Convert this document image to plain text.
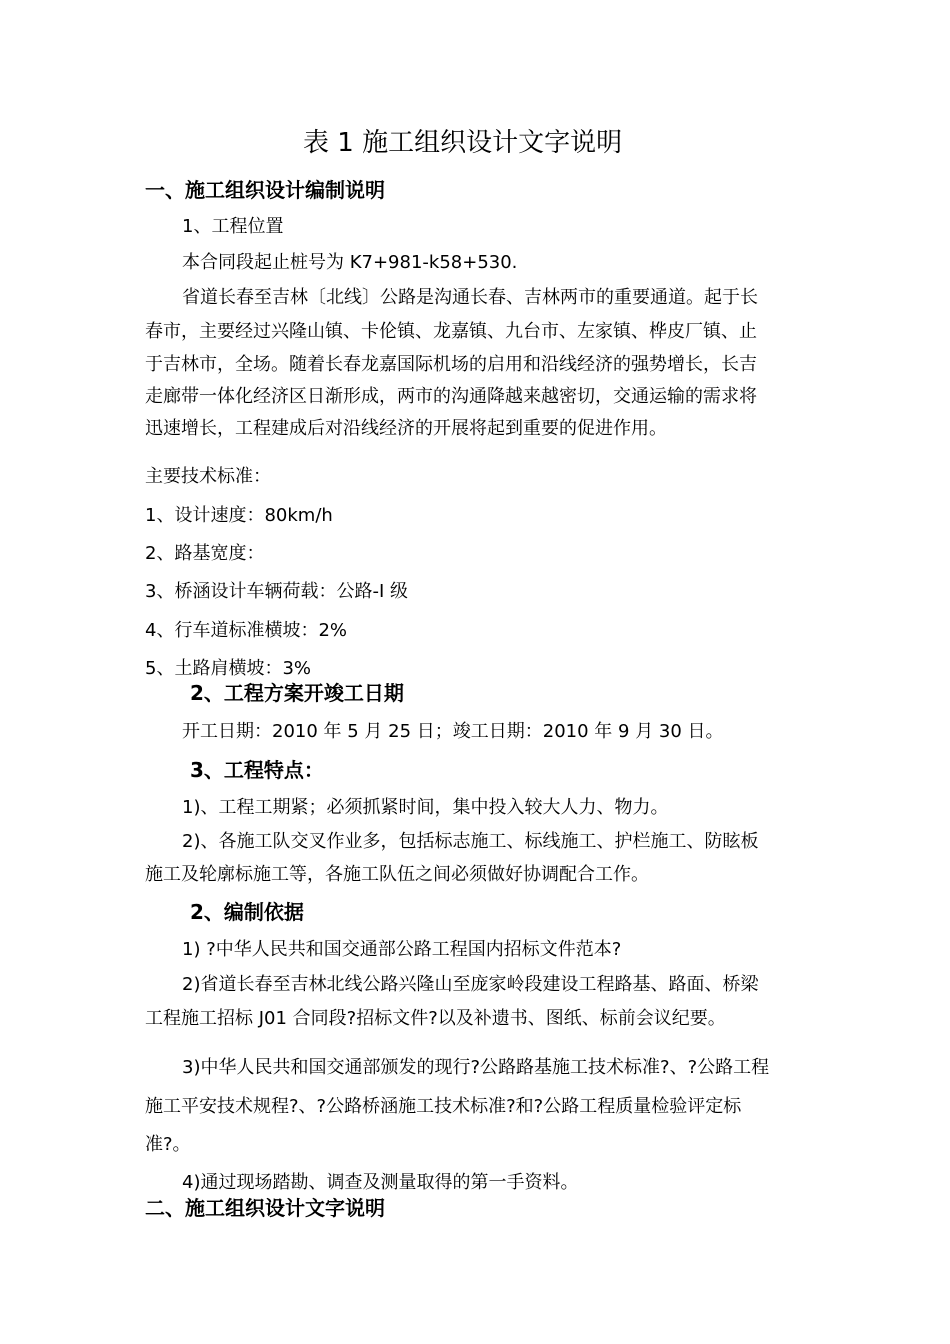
表 1 施工组织设计文字说明
一、施工组织设计编制说明
1、工程位置
本合同段起止桩号为 K7+981-k58+530.
省道长春至吉林〔北线〕公路是沟通长春、吉林两市的重要通道。起于长
春市，主要经过兴隆山镇、卡伦镇、龙嘉镇、九台市、左家镇、桦皮厂镇、止
于吉林市，全场。随着长春龙嘉国际机场的启用和沿线经济的强势增长，长吉
走廊带一体化经济区日渐形成，两市的沟通降越来越密切，交通运输的需求将
迅速增长，工程建成后对沿线经济的开展将起到重要的促进作用。
主要技术标准：
1、设计速度：80km/h
2、路基宽度：
3、桥涵设计车辆荷载：公路-I 级
4、行车道标准横坡：2%
5、土路肩横坡：3%
2、工程方案开竣工日期
开工日期：2010 年 5 月 25 日；竣工日期：2010 年 9 月 30 日。
3、工程特点：
1)、工程工期紧；必须抓紧时间，集中投入较大人力、物力。
2)、各施工队交叉作业多，包括标志施工、标线施工、护栏施工、防眩板
施工及轮廓标施工等，各施工队伍之间必须做好协调配合工作。
2、编制依据
1) ?中华人民共和国交通部公路工程国内招标文件范本?
2)省道长春至吉林北线公路兴隆山至庞家岭段建设工程路基、路面、桥梁
工程施工招标 J01 合同段?招标文件?以及补遗书、图纸、标前会议纪要。
3)中华人民共和国交通部颁发的现行?公路路基施工技术标准?、?公路工程
施工平安技术规程?、?公路桥涵施工技术标准?和?公路工程质量检验评定标
准?。
4)通过现场踏勘、调查及测量取得的第一手资料。
二、施工组织设计文字说明
